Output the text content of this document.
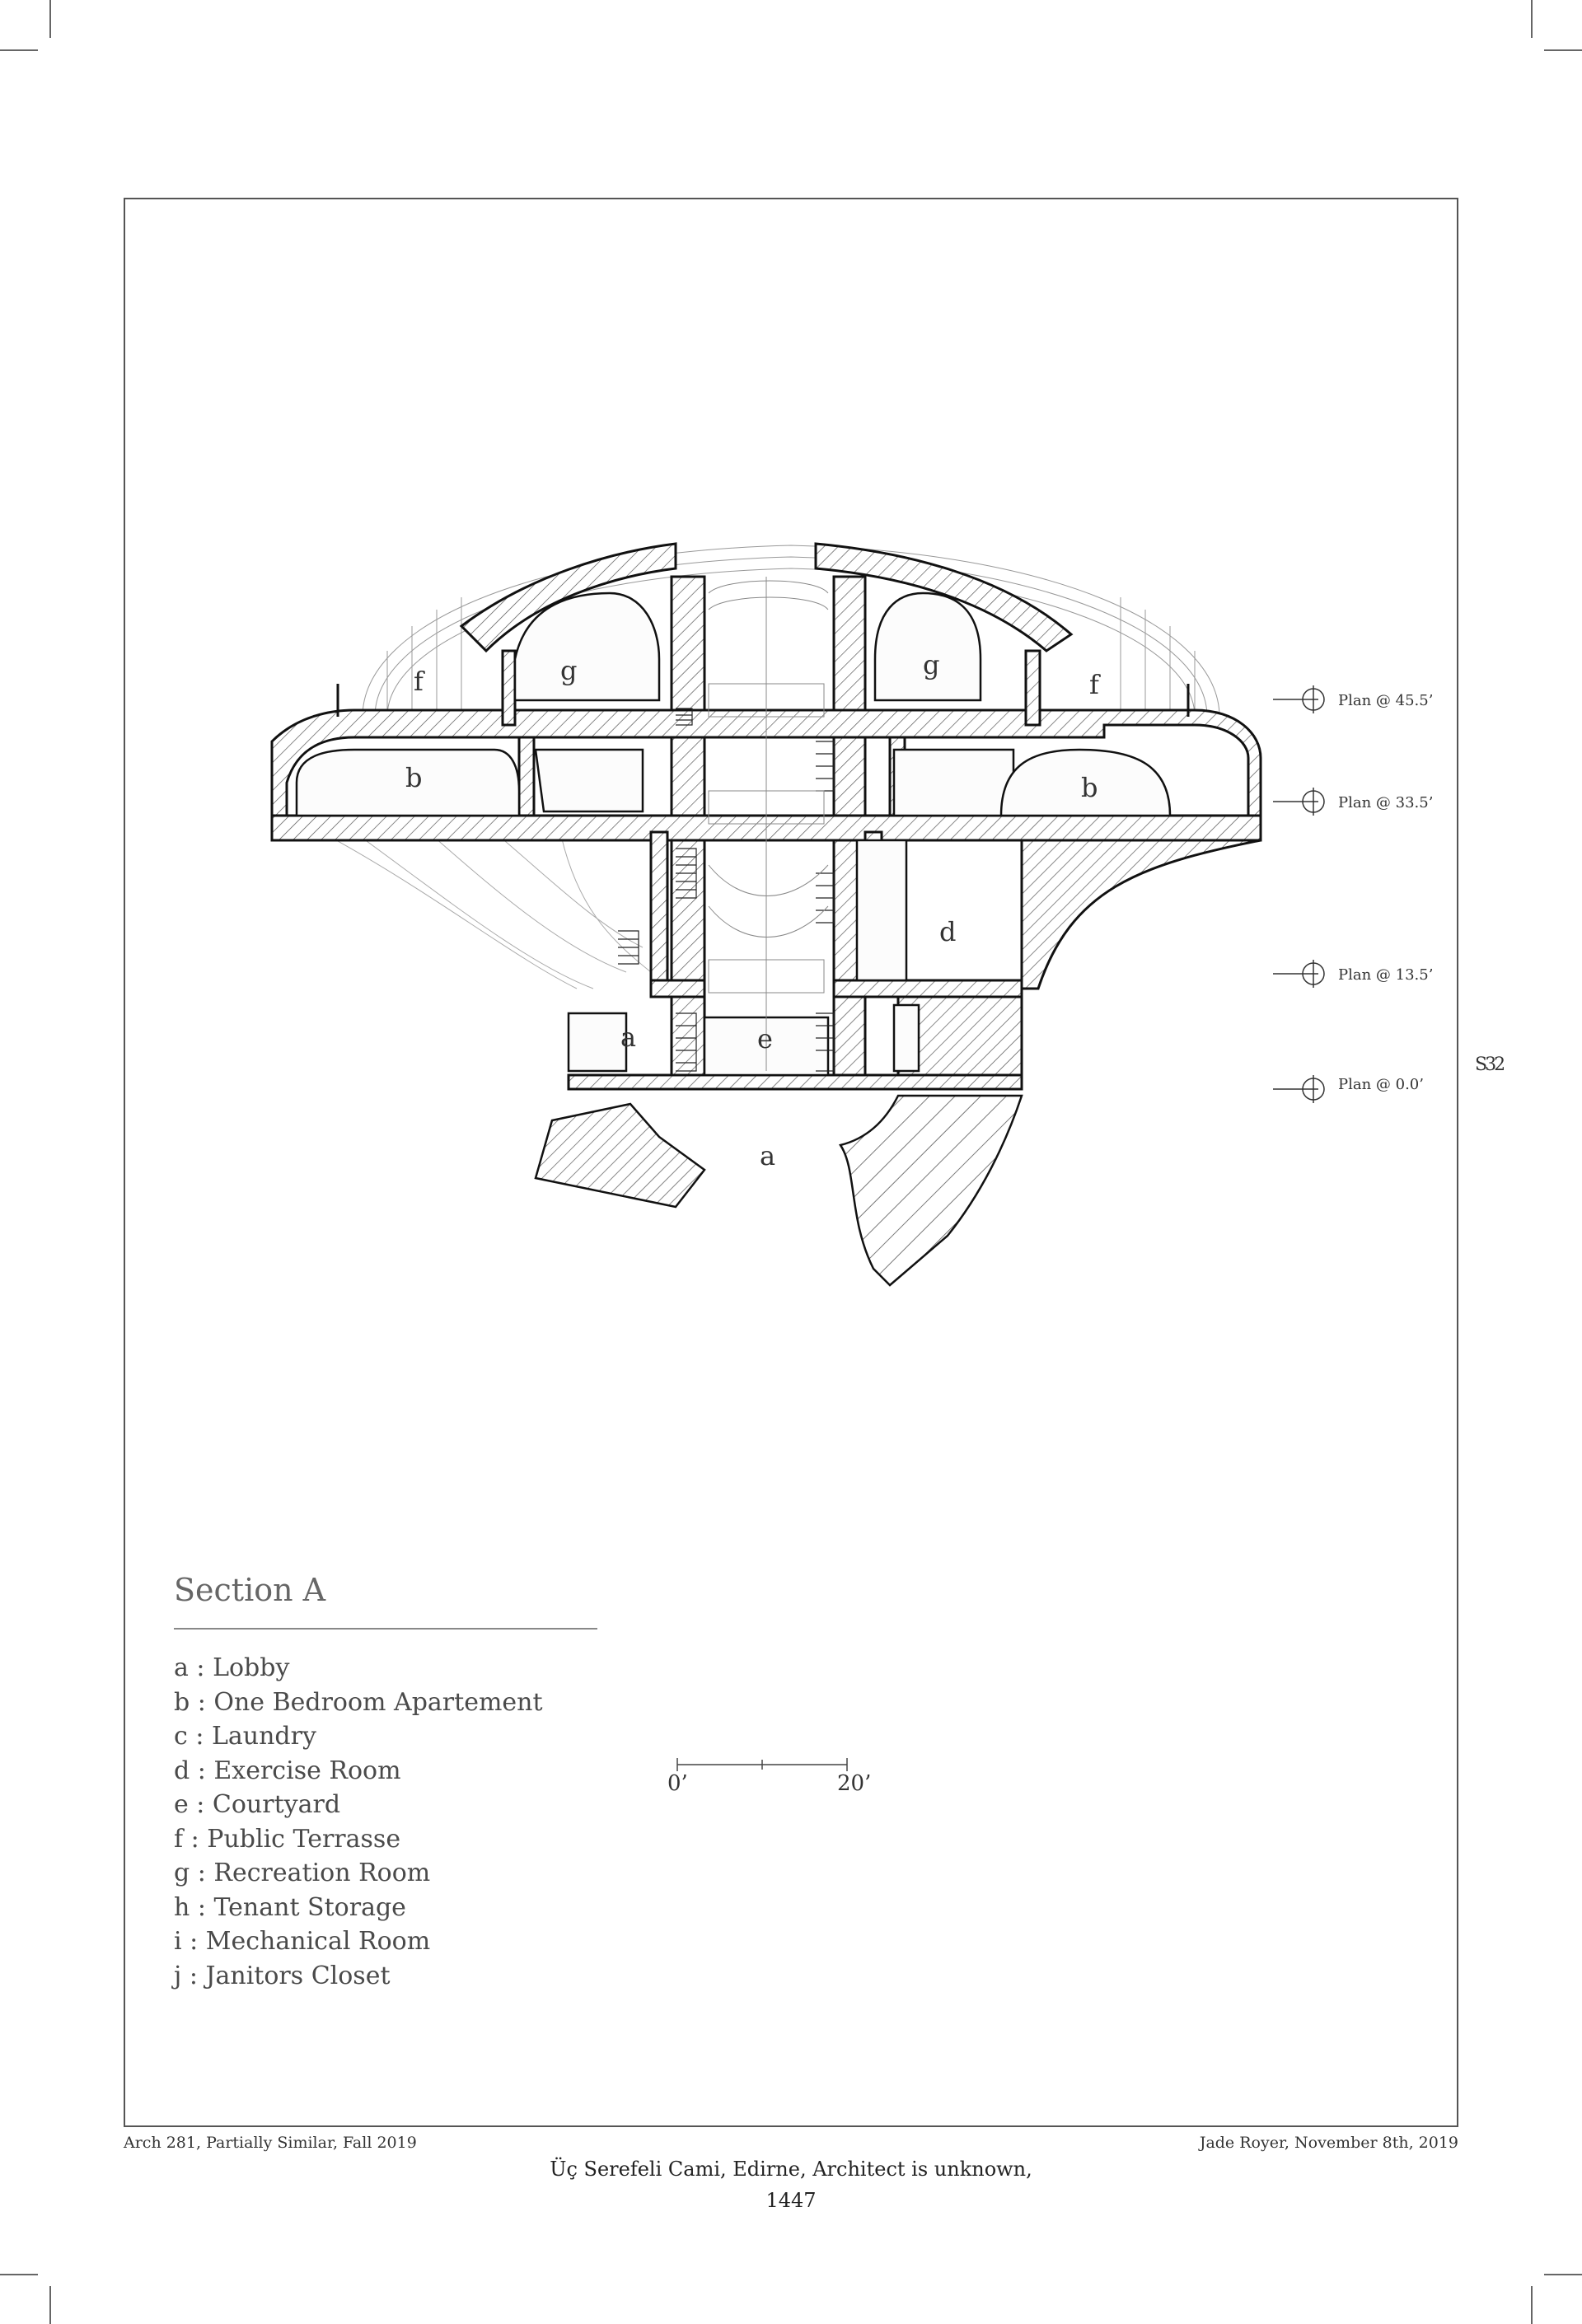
Plan @ 45.5’
Plan @ 33.5’
Plan @ 13.5’
Plan @ 0.0’
f	g	g
f
b	b
d
a	e
a
S32
Section A
a : Lobby
b : One Bedroom Apartement
c : Laundry
d : Exercise Room
e : Courtyard
f : Public Terrasse
g : Recreation Room
h : Tenant Storage
i : Mechanical Room
j : Janitors Closet
0’	20’
Arch 281, Partially Similar, Fall 2019	Jade Royer, November 8th, 2019
Üç Serefeli Cami, Edirne, Architect is unknown,
1447
